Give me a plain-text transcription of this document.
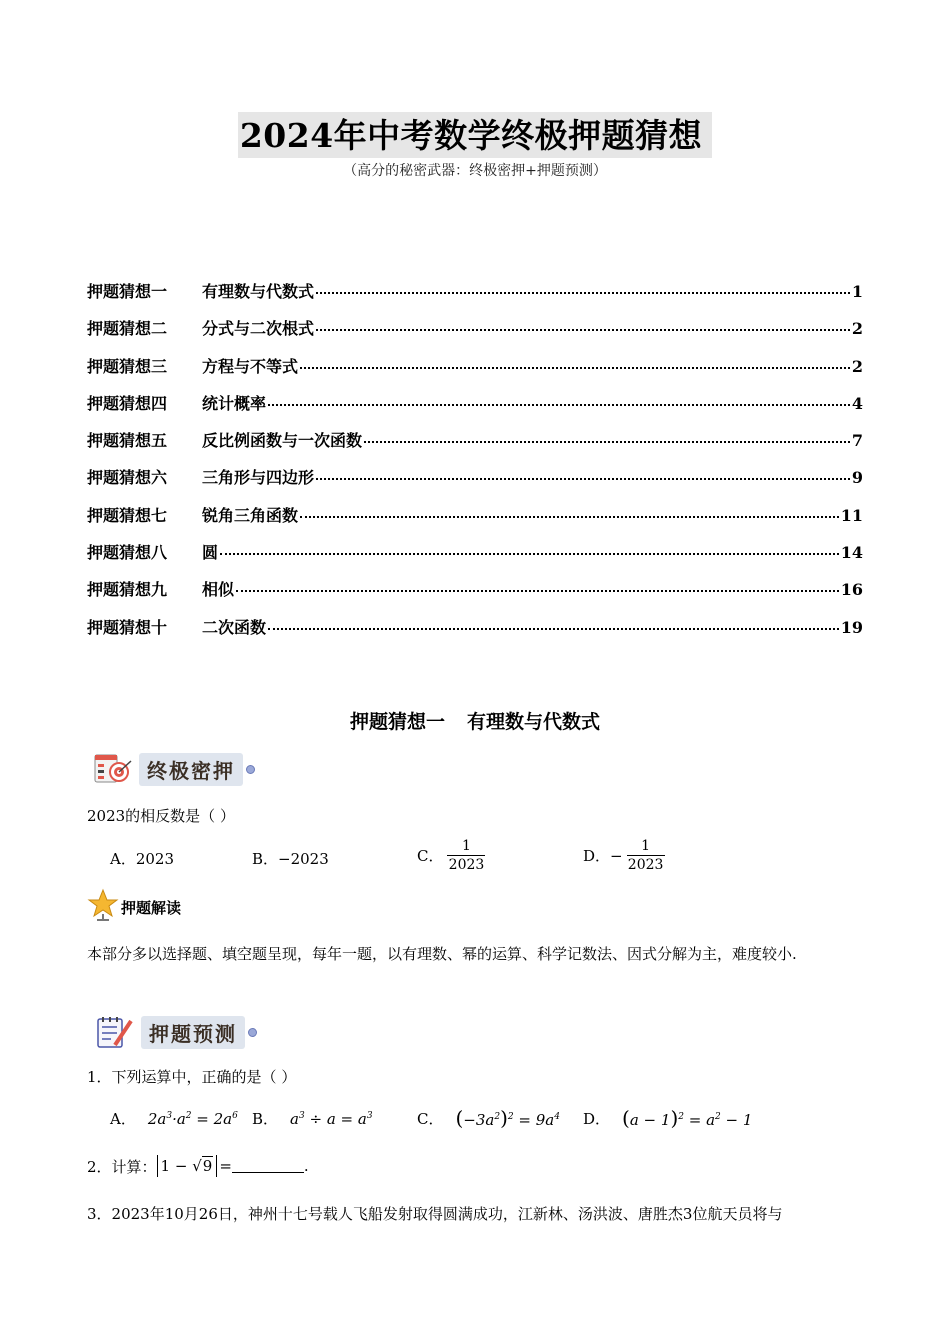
2024年中考数学终极押题猜想
（高分的秘密武器：终极密押+押题预测）
押题猜想一	有理数与代数式	1
押题猜想二	分式与二次根式	2
押题猜想三	方程与不等式	2
押题猜想四	统计概率	4
押题猜想五	反比例函数与一次函数	7
押题猜想六	三角形与四边形	9
押题猜想七	锐角三角函数	11
押题猜想八	圆	14
押题猜想九	相似	16
押题猜想十	二次函数	19
押题猜想一 有理数与代数式
终极密押
2023的相反数是（ ）
A．2023	B．−2023	C． $\frac{1}{2023}$	D．− $\frac{1}{2023}$
押题解读
本部分多以选择题、填空题呈现，每年一题，以有理数、幂的运算、科学记数法、因式分解为主，难度较小.
押题预测
1．下列运算中，正确的是（ ）
A． $2a^3\cdot a^2 = 2a^6$ B． $a^3 \div a = a^3$	C． $(-3a^2)^2 = 9a^4$ D． $(a - 1)^2 = a^2 - 1$
2．计算： 1 − √9 =	.
3．2023年10月26日，神州十七号载人飞船发射取得圆满成功，江新林、汤洪波、唐胜杰3位航天员将与
